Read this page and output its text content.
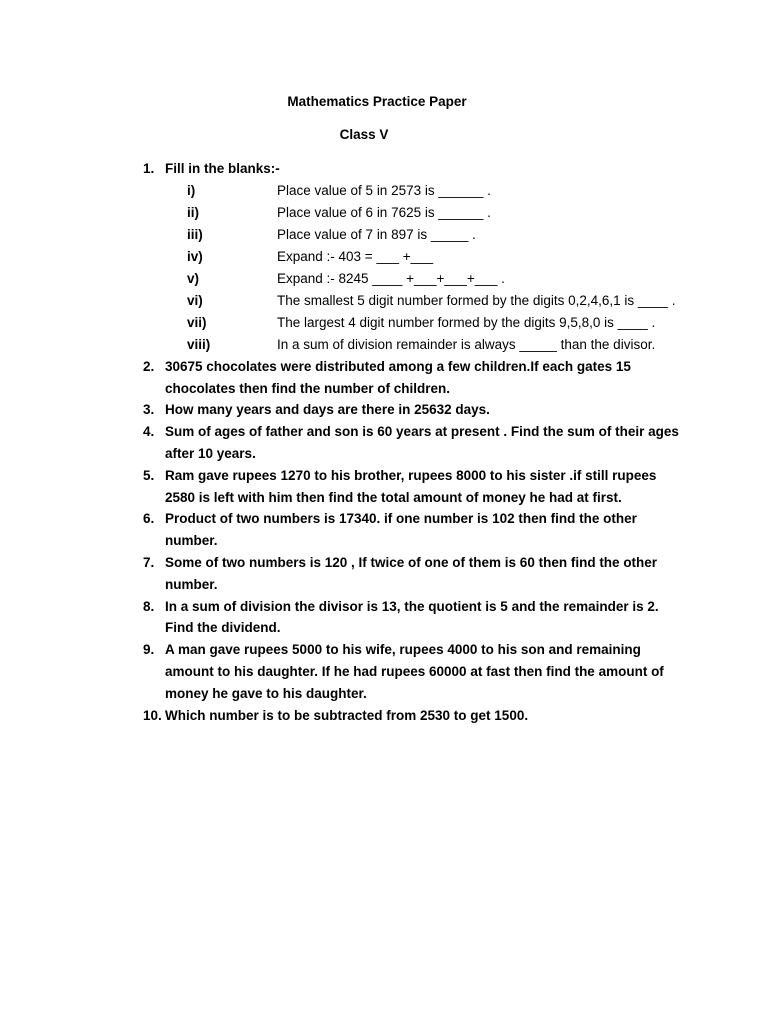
Mathematics Practice Paper
Class V
1. Fill in the blanks:-
i)	Place value of 5 in 2573 is ______ .
ii)	Place value of 6 in 7625 is ______ .
iii)	Place value of 7 in 897 is _____ .
iv)	Expand :- 403 = ___ +___
v)	Expand :- 8245 ____ +___+___+___ .
vi)	The smallest 5 digit number formed by the digits 0,2,4,6,1 is ____ .
vii)	The largest 4 digit number formed by the digits 9,5,8,0 is ____ .
viii)	In a sum of division remainder is always _____ than the divisor.
2. 30675 chocolates were distributed among a few children.If each gates 15 chocolates then find the number of children.
3. How many years and days are there in 25632 days.
4. Sum of ages of father and son is 60 years at present . Find the sum of their ages after 10 years.
5. Ram gave rupees 1270 to his brother, rupees 8000 to his sister .if still rupees 2580 is left with him then find the total amount of money he had at first.
6. Product of two numbers is 17340. if one number is 102 then find the other number.
7. Some of two numbers is 120 , If twice of one of them is 60 then find the other number.
8. In a sum of division the divisor is 13, the quotient is 5 and the remainder is 2. Find the dividend.
9. A man gave rupees 5000 to his wife, rupees 4000 to his son and remaining amount to his daughter. If he had rupees 60000 at fast then find the amount of money he gave to his daughter.
10. Which number is to be subtracted from 2530 to get 1500.
